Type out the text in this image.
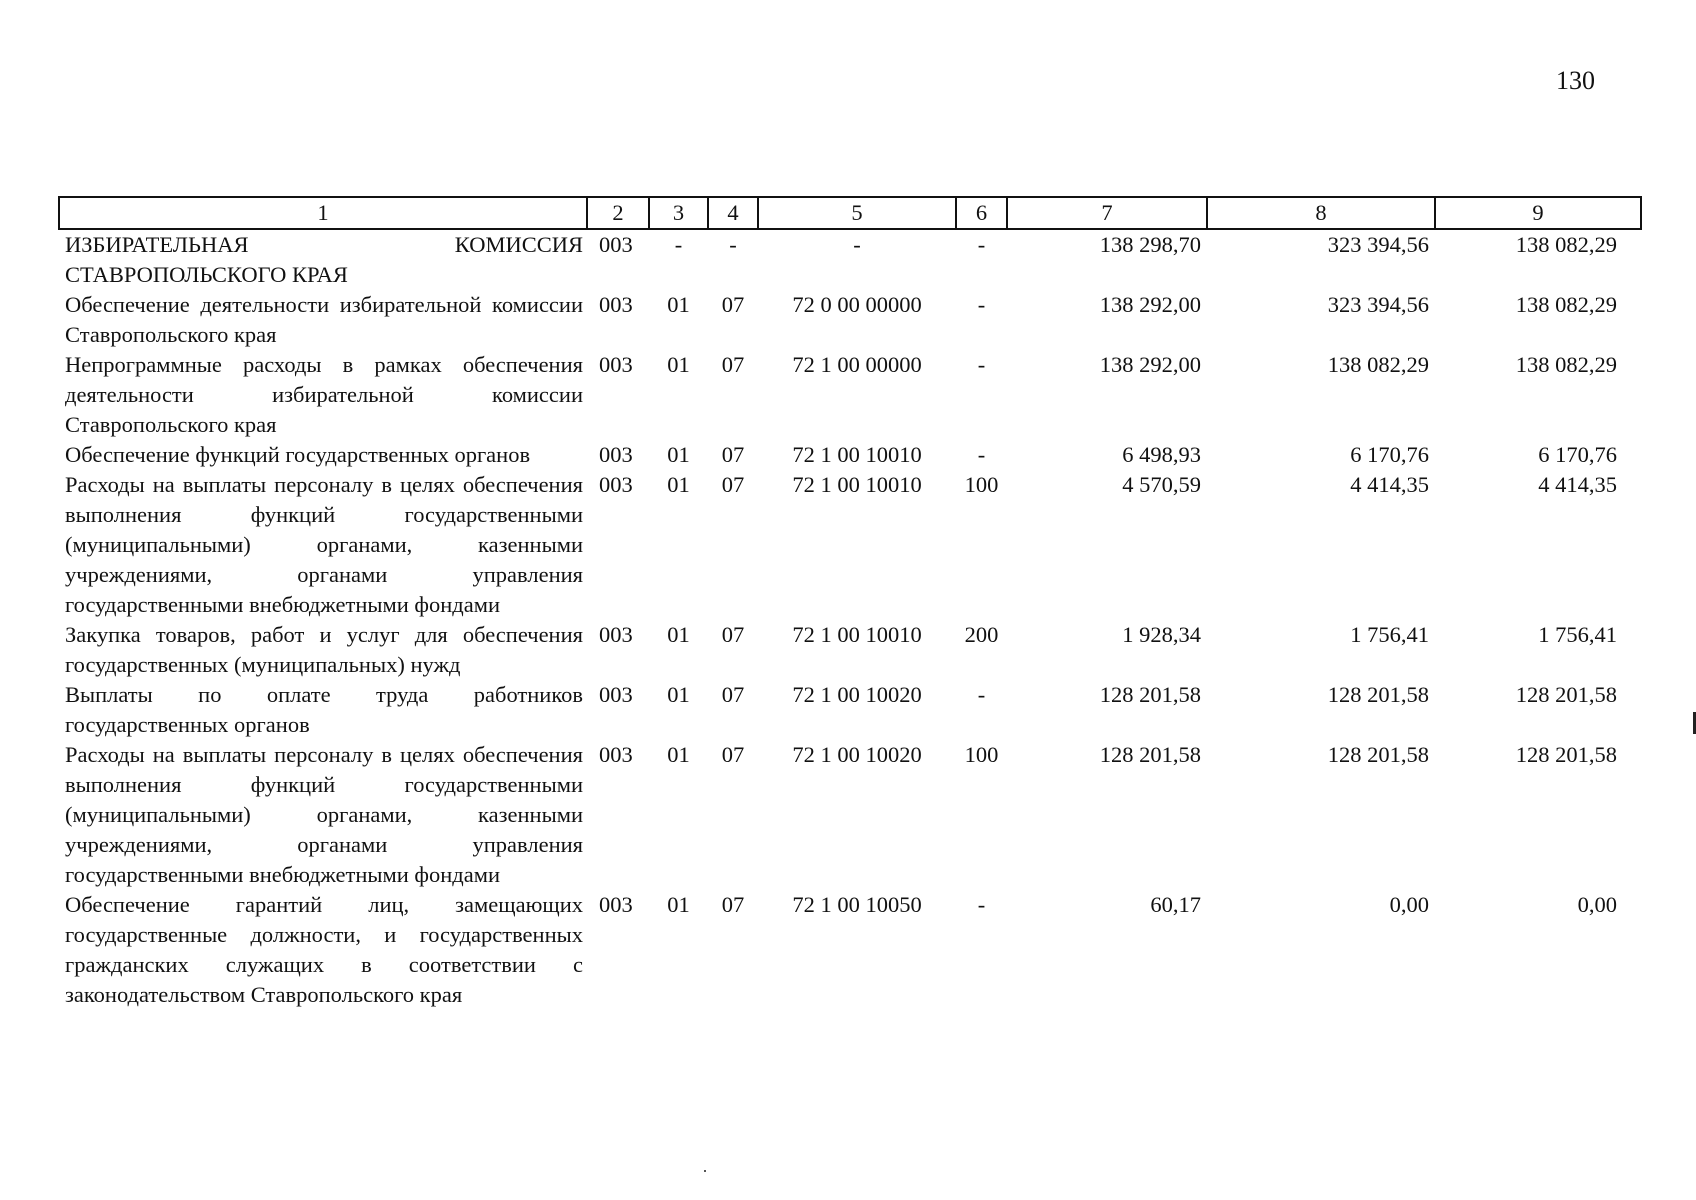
130
1	2	3	4	5	6	7	8	9
ИЗБИРАТЕЛЬНАЯ КОМИССИЯ СТАВРОПОЛЬСКОГО КРАЯ	003	-	-	-	-	138 298,70	323 394,56	138 082,29
Обеспечение деятельности избирательной комиссии Ставропольского края	003	01	07	72 0 00 00000	-	138 292,00	323 394,56	138 082,29
Непрограммные расходы в рамках обеспечения деятельности избирательной комиссии Ставропольского края	003	01	07	72 1 00 00000	-	138 292,00	138 082,29	138 082,29
Обеспечение функций государственных органов	003	01	07	72 1 00 10010	-	6 498,93	6 170,76	6 170,76
Расходы на выплаты персоналу в целях обеспечения выполнения функций государственными (муниципальными) органами, казенными учреждениями, органами управления государственными внебюджетными фондами	003	01	07	72 1 00 10010	100	4 570,59	4 414,35	4 414,35
Закупка товаров, работ и услуг для обеспечения государственных (муниципальных) нужд	003	01	07	72 1 00 10010	200	1 928,34	1 756,41	1 756,41
Выплаты по оплате труда работников государственных органов	003	01	07	72 1 00 10020	-	128 201,58	128 201,58	128 201,58
Расходы на выплаты персоналу в целях обеспечения выполнения функций государственными (муниципальными) органами, казенными учреждениями, органами управления государственными внебюджетными фондами	003	01	07	72 1 00 10020	100	128 201,58	128 201,58	128 201,58
Обеспечение гарантий лиц, замещающих государственные должности, и государственных гражданских служащих в соответствии с законодательством Ставропольского края	003	01	07	72 1 00 10050	-	60,17	0,00	0,00
